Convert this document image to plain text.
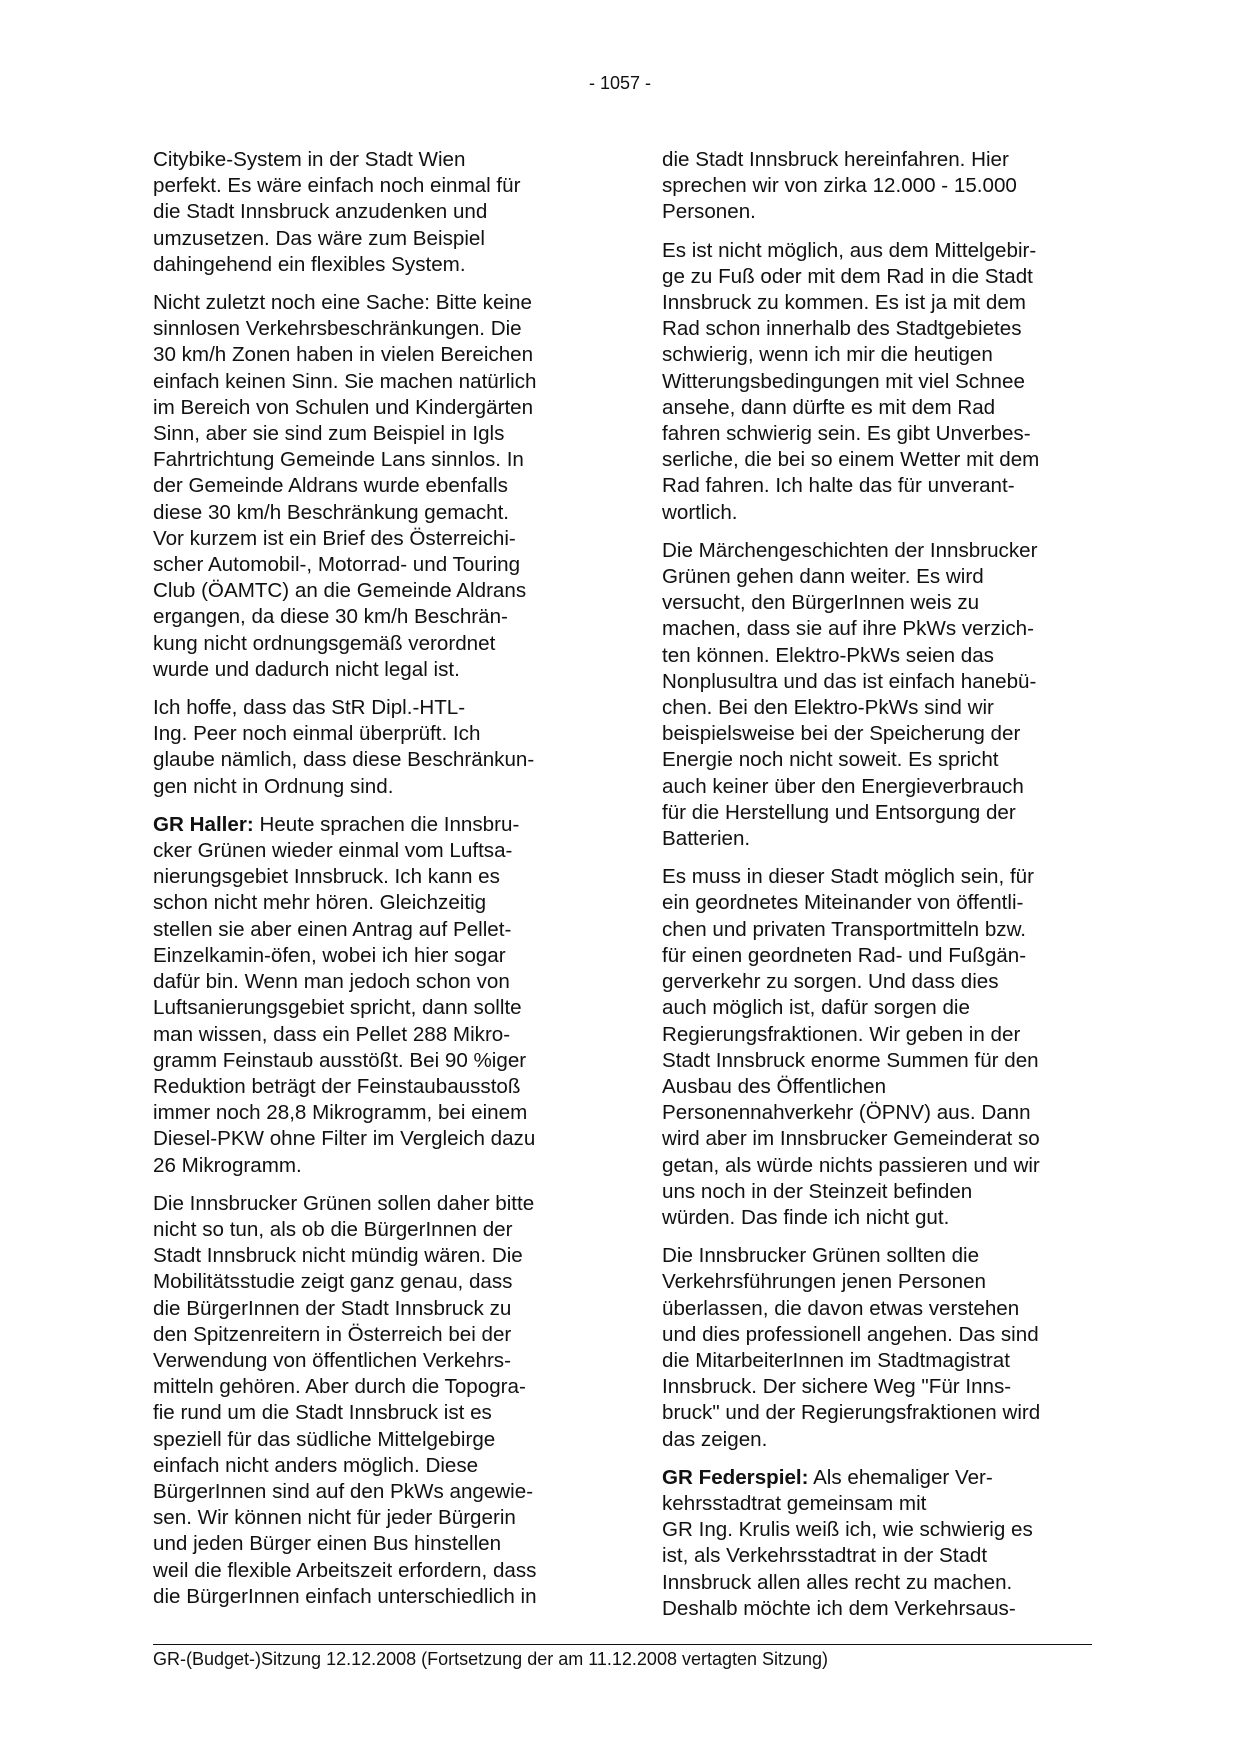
- 1057 -

Citybike-System in der Stadt Wien
perfekt. Es wäre einfach noch einmal für
die Stadt Innsbruck anzudenken und
umzusetzen. Das wäre zum Beispiel
dahingehend ein flexibles System.

Nicht zuletzt noch eine Sache: Bitte keine
sinnlosen Verkehrsbeschränkungen. Die
30 km/h Zonen haben in vielen Bereichen
einfach keinen Sinn. Sie machen natürlich
im Bereich von Schulen und Kindergärten
Sinn, aber sie sind zum Beispiel in Igls
Fahrtrichtung Gemeinde Lans sinnlos. In
der Gemeinde Aldrans wurde ebenfalls
diese 30 km/h Beschränkung gemacht.
Vor kurzem ist ein Brief des Österreichi-
scher Automobil-, Motorrad- und Touring
Club (ÖAMTC) an die Gemeinde Aldrans
ergangen, da diese 30 km/h Beschrän-
kung nicht ordnungsgemäß verordnet
wurde und dadurch nicht legal ist.

Ich hoffe, dass das StR Dipl.-HTL-
Ing. Peer noch einmal überprüft. Ich
glaube nämlich, dass diese Beschränkun-
gen nicht in Ordnung sind.

GR Haller: Heute sprachen die Innsbru-
cker Grünen wieder einmal vom Luftsa-
nierungsgebiet Innsbruck. Ich kann es
schon nicht mehr hören. Gleichzeitig
stellen sie aber einen Antrag auf Pellet-
Einzelkamin-öfen, wobei ich hier sogar
dafür bin. Wenn man jedoch schon von
Luftsanierungsgebiet spricht, dann sollte
man wissen, dass ein Pellet 288 Mikro-
gramm Feinstaub ausstößt. Bei 90 %iger
Reduktion beträgt der Feinstaubausstoß
immer noch 28,8 Mikrogramm, bei einem
Diesel-PKW ohne Filter im Vergleich dazu
26 Mikrogramm.

Die Innsbrucker Grünen sollen daher bitte
nicht so tun, als ob die BürgerInnen der
Stadt Innsbruck nicht mündig wären. Die
Mobilitätsstudie zeigt ganz genau, dass
die BürgerInnen der Stadt Innsbruck zu
den Spitzenreitern in Österreich bei der
Verwendung von öffentlichen Verkehrs-
mitteln gehören. Aber durch die Topogra-
fie rund um die Stadt Innsbruck ist es
speziell für das südliche Mittelgebirge
einfach nicht anders möglich. Diese
BürgerInnen sind auf den PkWs angewie-
sen. Wir können nicht für jeder Bürgerin
und jeden Bürger einen Bus hinstellen
weil die flexible Arbeitszeit erfordern, dass
die BürgerInnen einfach unterschiedlich in

die Stadt Innsbruck hereinfahren. Hier
sprechen wir von zirka 12.000 - 15.000
Personen.

Es ist nicht möglich, aus dem Mittelgebir-
ge zu Fuß oder mit dem Rad in die Stadt
Innsbruck zu kommen. Es ist ja mit dem
Rad schon innerhalb des Stadtgebietes
schwierig, wenn ich mir die heutigen
Witterungsbedingungen mit viel Schnee
ansehe, dann dürfte es mit dem Rad
fahren schwierig sein. Es gibt Unverbes-
serliche, die bei so einem Wetter mit dem
Rad fahren. Ich halte das für unverant-
wortlich.

Die Märchengeschichten der Innsbrucker
Grünen gehen dann weiter. Es wird
versucht, den BürgerInnen weis zu
machen, dass sie auf ihre PkWs verzich-
ten können. Elektro-PkWs seien das
Nonplusultra und das ist einfach hanebü-
chen. Bei den Elektro-PkWs sind wir
beispielsweise bei der Speicherung der
Energie noch nicht soweit. Es spricht
auch keiner über den Energieverbrauch
für die Herstellung und Entsorgung der
Batterien.

Es muss in dieser Stadt möglich sein, für
ein geordnetes Miteinander von öffentli-
chen und privaten Transportmitteln bzw.
für einen geordneten Rad- und Fußgän-
gerverkehr zu sorgen. Und dass dies
auch möglich ist, dafür sorgen die
Regierungsfraktionen. Wir geben in der
Stadt Innsbruck enorme Summen für den
Ausbau des Öffentlichen
Personennahverkehr (ÖPNV) aus. Dann
wird aber im Innsbrucker Gemeinderat so
getan, als würde nichts passieren und wir
uns noch in der Steinzeit befinden
würden. Das finde ich nicht gut.

Die Innsbrucker Grünen sollten die
Verkehrsführungen jenen Personen
überlassen, die davon etwas verstehen
und dies professionell angehen. Das sind
die MitarbeiterInnen im Stadtmagistrat
Innsbruck. Der sichere Weg "Für Inns-
bruck" und der Regierungsfraktionen wird
das zeigen.

GR Federspiel: Als ehemaliger Ver-
kehrsstadtrat gemeinsam mit
GR Ing. Krulis weiß ich, wie schwierig es
ist, als Verkehrsstadtrat in der Stadt
Innsbruck allen alles recht zu machen.
Deshalb möchte ich dem Verkehrsaus-

GR-(Budget-)Sitzung 12.12.2008 (Fortsetzung der am 11.12.2008 vertagten Sitzung)
